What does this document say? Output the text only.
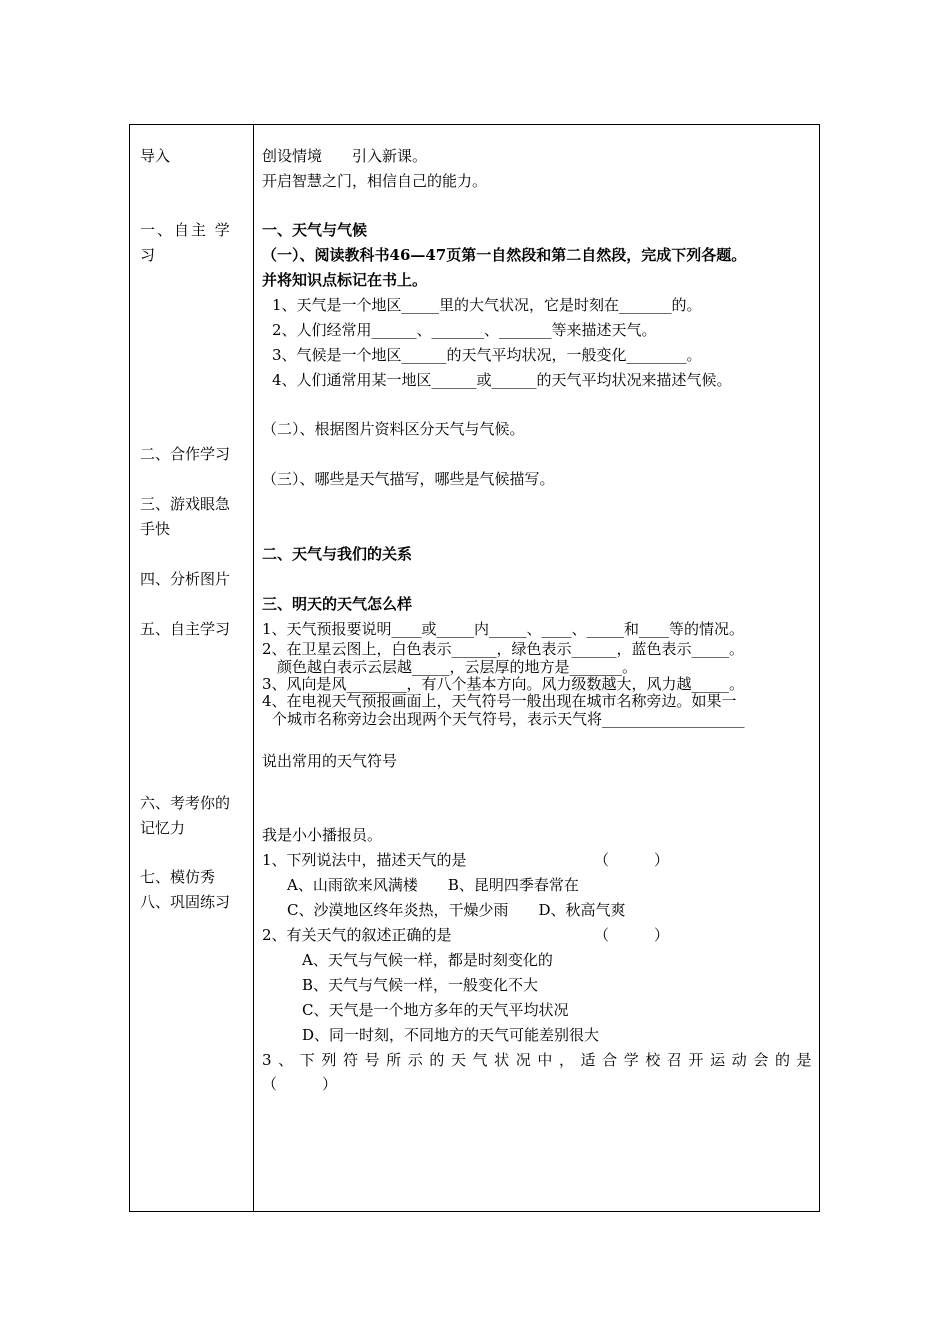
导入
一、自主 学
习
二、合作学习
三、游戏眼急
手快
四、分析图片
五、自主学习
六、考考你的
记忆力
七、模仿秀
八、巩固练习
创设情境　　引入新课。
开启智慧之门，相信自己的能力。
一、天气与气候
（一）、阅读教科书46—47页第一自然段和第二自然段，完成下列各题。
并将知识点标记在书上。
1、天气是一个地区_____里的大气状况，它是时刻在_______的。
2、人们经常用______、_______、_______等来描述天气。
3、气候是一个地区______的天气平均状况，一般变化________。
4、人们通常用某一地区______或______的天气平均状况来描述气候。
（二）、根据图片资料区分天气与气候。
（三）、哪些是天气描写，哪些是气候描写。
二、天气与我们的关系
三、明天的天气怎么样
1、天气预报要说明____或_____内_____、____、_____和____等的情况。
2、在卫星云图上，白色表示______，绿色表示______，蓝色表示_____。
颜色越白表示云层越_____，云层厚的地方是_______。
3、风向是风________，有八个基本方向。风力级数越大，风力越_____。
4、在电视天气预报画面上，天气符号一般出现在城市名称旁边。如果一
个城市名称旁边会出现两个天气符号，表示天气将___________________
说出常用的天气符号
我是小小播报员。
1、下列说法中，描述天气的是　　　　　　　　　（　　　）
A、山雨欲来风满楼　　B、昆明四季春常在
C、沙漠地区终年炎热，干燥少雨　　D、秋高气爽
2、有关天气的叙述正确的是　　　　　　　　　　（　　　）
A、天气与气候一样，都是时刻变化的
B、天气与气候一样，一般变化不大
C、天气是一个地方多年的天气平均状况
D、同一时刻，不同地方的天气可能差别很大
3、下列符号所示的天气状况中，适合学校召开运动会的是
（　　　）
